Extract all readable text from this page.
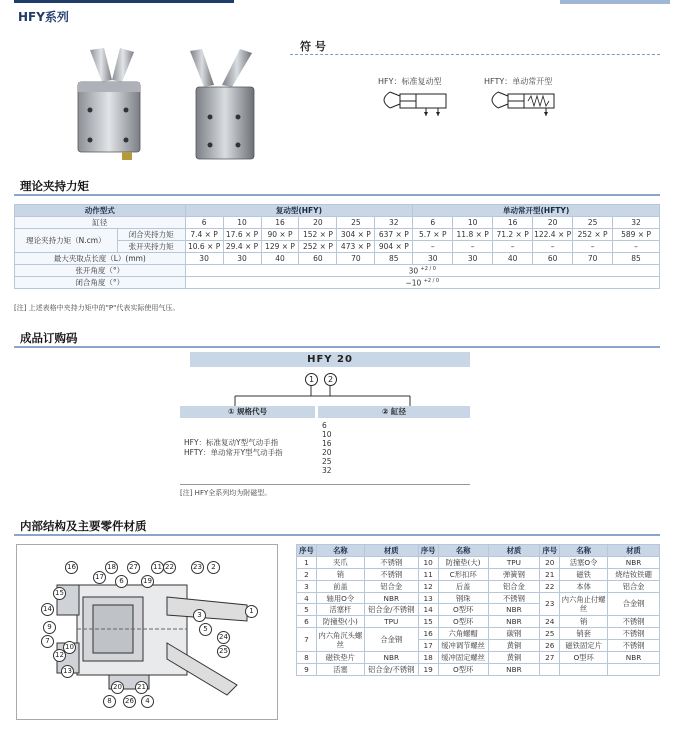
HFY系列
符 号
HFY：标准复动型	HFTY：单动常开型
理论夹持力矩
动作型式		复动型(HFY)						单动常开型(HFTY)					
缸径		6	10	16	20	25	32	6	10	16	20	25	32
理论夹持力矩（N.cm）	闭合夹持力矩	7.4 × P	17.6 × P	90 × P	152 × P	304 × P	637 × P	5.7 × P	11.8 × P	71.2 × P	122.4 × P	252 × P	589 × P
	张开夹持力矩	10.6 × P	29.4 × P	129 × P	252 × P	473 × P	904 × P	–	–	–	–	–	–
最大夹取点长度（L）(mm)		30	30	40	60	70	85	30	30	40	60	70	85
张开角度（°）		30 $^{+2 / 0}$
闭合角度（°）		−10 $^{+2 / 0}$
[注] 上述表格中夹持力矩中的"P"代表实际使用气压。
成品订购码
HFY 20
1	2
① 规格代号	② 缸径
HFY：标准复动Y型气动手指
HFTY：单动常开Y型气动手指
6
10
16
20
25
32
[注] HFY全系列均为附磁型。
内部结构及主要零件材质
16
17
15
14
9
7
10
12
18
6
27 11 22
19
23	2
1
3
5
24
25
20 21
8	26	4
13
序号	名称	材质	序号	名称	材质	序号	名称	材质
1	夹爪	不锈钢	10	防撞垫(大)	TPU	20	活塞O令	NBR
2	销	不锈钢	11	C形扣环	弹簧钢	21	磁铁	烧结钕铁硼
3	前盖	铝合金	12	后盖	铝合金	22	本体	铝合金
4	轴用O令	NBR	13	钢珠	不锈钢	23	内六角止付螺丝	合金钢
5	活塞杆	铝合金/不锈钢	14	O型环	NBR			
6	防撞垫(小)	TPU	15	O型环	NBR	24	销	不锈钢
7	内六角沉头螺丝	合金钢	16	六角螺帽	碳钢	25	销套	不锈钢
			17	缓冲调节螺丝	黄铜	26	磁铁固定片	不锈钢
8	磁铁垫片	NBR	18	缓冲固定螺丝	黄铜	27	O型环	NBR
9	活塞	铝合金/不锈钢	19	O型环	NBR			
